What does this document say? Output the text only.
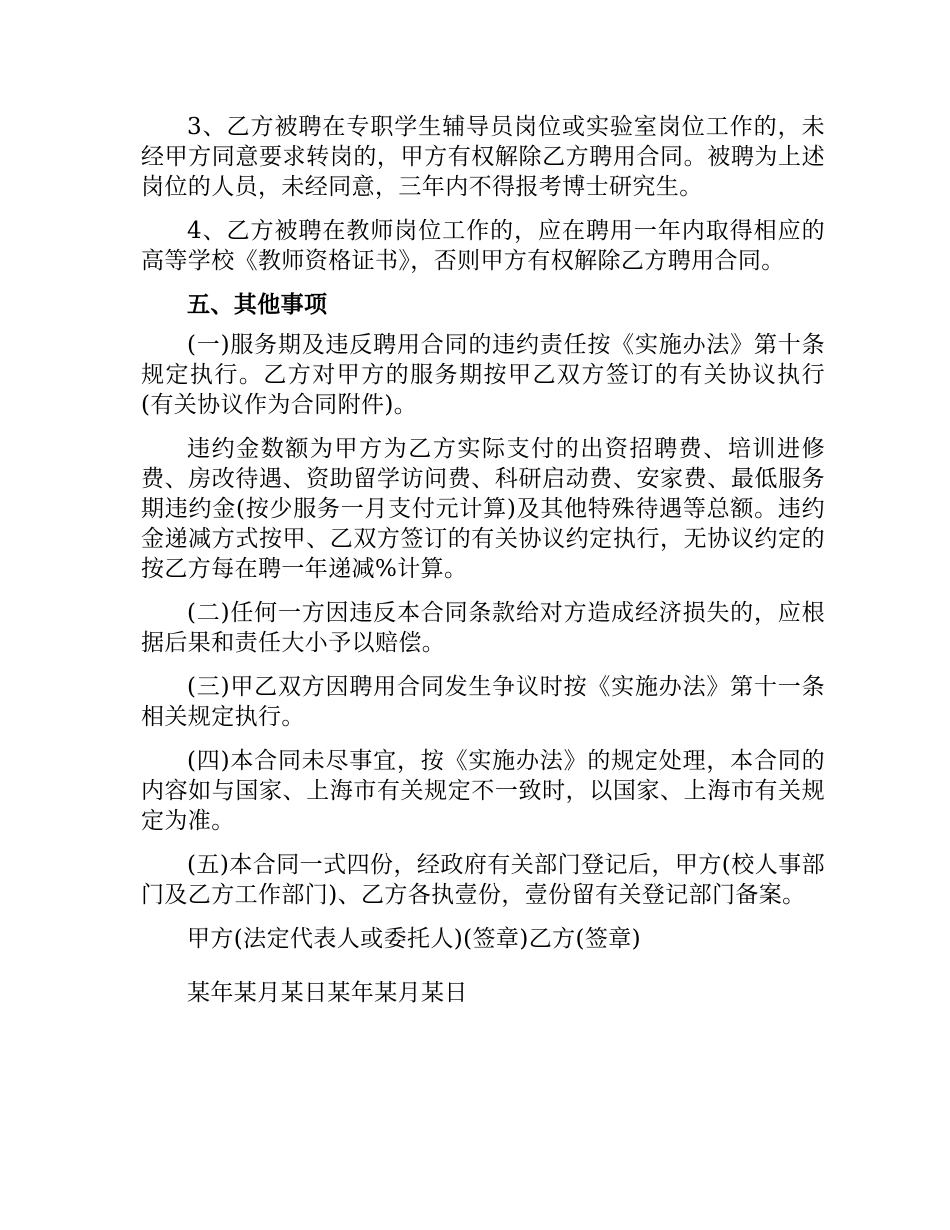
3、乙方被聘在专职学生辅导员岗位或实验室岗位工作的，未经甲方同意要求转岗的，甲方有权解除乙方聘用合同。被聘为上述岗位的人员，未经同意，三年内不得报考博士研究生。

4、乙方被聘在教师岗位工作的，应在聘用一年内取得相应的高等学校《教师资格证书》，否则甲方有权解除乙方聘用合同。

五、其他事项

(一)服务期及违反聘用合同的违约责任按《实施办法》第十条规定执行。乙方对甲方的服务期按甲乙双方签订的有关协议执行(有关协议作为合同附件)。

违约金数额为甲方为乙方实际支付的出资招聘费、培训进修费、房改待遇、资助留学访问费、科研启动费、安家费、最低服务期违约金(按少服务一月支付元计算)及其他特殊待遇等总额。违约金递减方式按甲、乙双方签订的有关协议约定执行，无协议约定的按乙方每在聘一年递减%计算。

(二)任何一方因违反本合同条款给对方造成经济损失的，应根据后果和责任大小予以赔偿。

(三)甲乙双方因聘用合同发生争议时按《实施办法》第十一条相关规定执行。

(四)本合同未尽事宜，按《实施办法》的规定处理，本合同的内容如与国家、上海市有关规定不一致时，以国家、上海市有关规定为准。

(五)本合同一式四份，经政府有关部门登记后，甲方(校人事部门及乙方工作部门)、乙方各执壹份，壹份留有关登记部门备案。

甲方(法定代表人或委托人)(签章)乙方(签章)

某年某月某日某年某月某日
